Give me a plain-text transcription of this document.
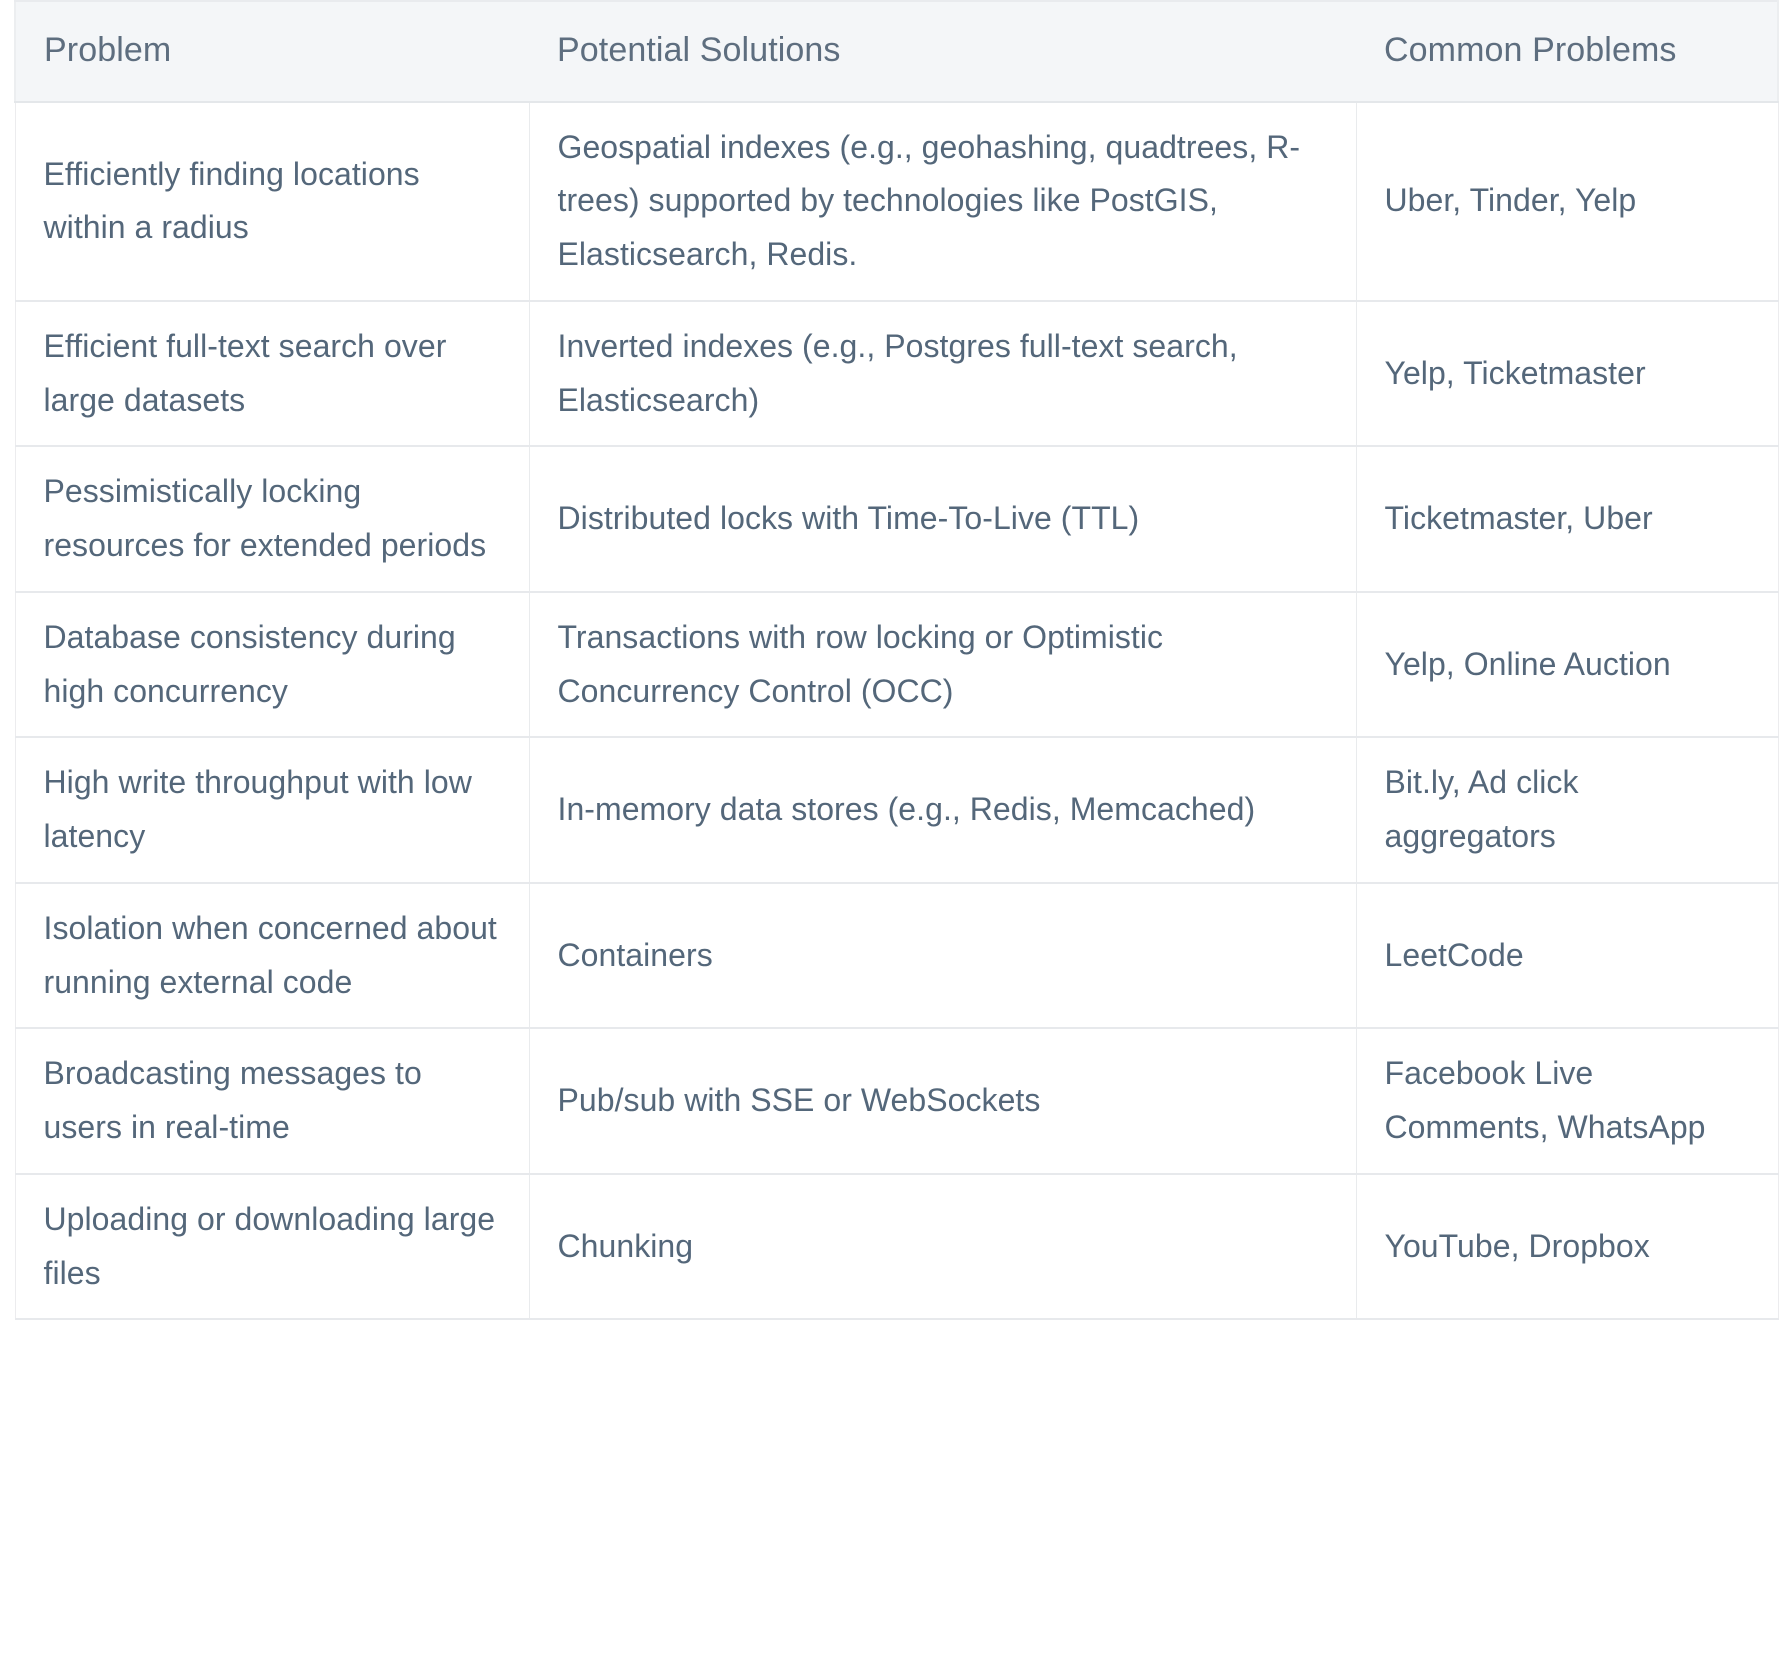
Problem	Potential Solutions	Common Problems

Efficiently finding locations within a radius	Geospatial indexes (e.g., geohashing, quadtrees, R-trees) supported by technologies like PostGIS, Elasticsearch, Redis.	Uber, Tinder, Yelp

Efficient full-text search over large datasets	Inverted indexes (e.g., Postgres full-text search, Elasticsearch)	Yelp, Ticketmaster

Pessimistically locking resources for extended periods	Distributed locks with Time-To-Live (TTL)	Ticketmaster, Uber

Database consistency during high concurrency	Transactions with row locking or Optimistic Concurrency Control (OCC)	Yelp, Online Auction

High write throughput with low latency	In-memory data stores (e.g., Redis, Memcached)	Bit.ly, Ad click aggregators

Isolation when concerned about running external code	Containers	LeetCode

Broadcasting messages to users in real-time	Pub/sub with SSE or WebSockets	Facebook Live Comments, WhatsApp

Uploading or downloading large files	Chunking	YouTube, Dropbox
